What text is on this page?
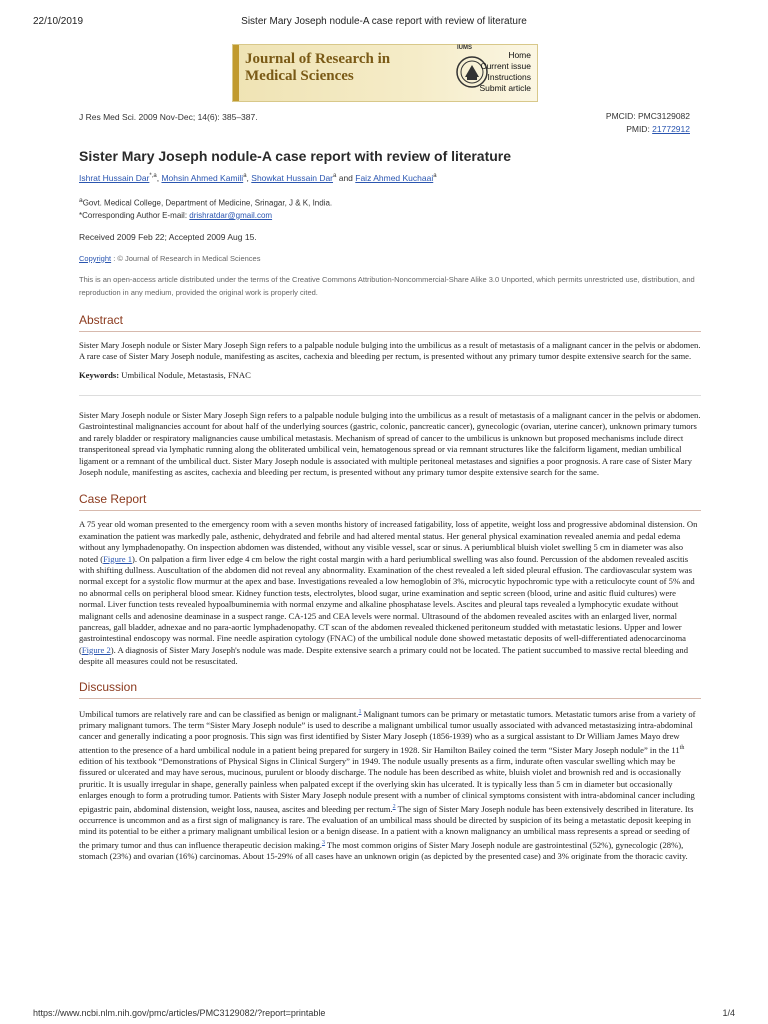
22/10/2019	Sister Mary Joseph nodule-A case report with review of literature
Journal of Research in
Medical Sciences
IUMS
Home
Current issue
Instructions
Submit article
J Res Med Sci. 2009 Nov-Dec; 14(6): 385–387.	PMCID: PMC3129082
PMID: 21772912
Sister Mary Joseph nodule-A case report with review of literature
Ishrat Hussain Dar$^{*,a}$, Mohsin Ahmed Kamili$^a$, Showkat Hussain Dar$^a$ and Faiz Ahmed Kuchaai$^a$
$^a$Govt. Medical College, Department of Medicine, Srinagar, J & K, India.
*Corresponding Author E-mail: drishratdar@gmail.com
Received 2009 Feb 22; Accepted 2009 Aug 15.
Copyright : © Journal of Research in Medical Sciences
This is an open-access article distributed under the terms of the Creative Commons Attribution-Noncommercial-Share Alike 3.0 Unported, which permits unrestricted use, distribution, and reproduction in any medium, provided the original work is properly cited.
Abstract

Sister Mary Joseph nodule or Sister Mary Joseph Sign refers to a palpable nodule bulging into the umbilicus as a result of metastasis of a malignant cancer in the pelvis or abdomen. A rare case of Sister Mary Joseph nodule, manifesting as ascites, cachexia and bleeding per rectum, is presented without any primary tumor despite extensive search for the same.

Keywords: Umbilical Nodule, Metastasis, FNAC

Sister Mary Joseph nodule or Sister Mary Joseph Sign refers to a palpable nodule bulging into the umbilicus as a result of metastasis of a malignant cancer in the pelvis or abdomen. Gastrointestinal malignancies account for about half of the underlying sources (gastric, colonic, pancreatic cancer), gynecologic (ovarian, uterine cancer), unknown primary tumors and rarely bladder or respiratory malignancies cause umbilical metastasis. Mechanism of spread of cancer to the umbilicus is unknown but proposed mechanisms include direct transperitoneal spread via lymphatic running along the obliterated umbilical vein, hematogenous spread or via remnant structures like the falciform ligament, median umbilical ligament or a remnant of the umbilical duct. Sister Mary Joseph nodule is associated with multiple peritoneal metastases and signifies a poor prognosis. A rare case of Sister Mary Joseph nodule, manifesting as ascites, cachexia and bleeding per rectum, is presented without any primary tumor despite extensive search for the same.

Case Report

A 75 year old woman presented to the emergency room with a seven months history of increased fatigability, loss of appetite, weight loss and progressive abdominal distension. On examination the patient was markedly pale, asthenic, dehydrated and febrile and had altered mental status. Her general physical examination revealed anemia and pedal edema without any lymphadenopathy. On inspection abdomen was distended, without any visible vessel, scar or sinus. A periumblical bluish violet swelling 5 cm in diameter was also noted (Figure 1). On palpation a firm liver edge 4 cm below the right costal margin with a hard periumblical swelling was also found. Percussion of the abdomen revealed ascitis with shifting dullness. Auscultation of the abdomen did not reveal any abnormality. Examination of the chest revealed a left sided pleural effusion. The cardiovascular system was normal except for a systolic flow murmur at the apex and base. Investigations revealed a low hemoglobin of 3%, microcytic hypochromic type with a reticulocyte count of 5% and no abnormal cells on peripheral blood smear. Kidney function tests, electrolytes, blood sugar, urine examination and septic screen (blood, urine and asitic fluid cultures) were normal. Liver function tests revealed hypoalbuminemia with normal enzyme and alkaline phosphatase levels. Ascites and pleural taps revealed a lymphocytic exudate without malignant cells and adenosine deaminase in a suspect range. CA-125 and CEA levels were normal. Ultrasound of the abdomen revealed ascites with an enlarged liver, normal pancreas, gall bladder, adnexae and no para-aortic lymphadenopathy. CT scan of the abdomen revealed thickened peritoneum studded with metastatic lesions. Upper and lower gastrointestinal endoscopy was normal. Fine needle aspiration cytology (FNAC) of the umbilical nodule done showed metastatic deposits of well-differentiated adenocarcinoma (Figure 2). A diagnosis of Sister Mary Joseph's nodule was made. Despite extensive search a primary could not be located. The patient succumbed to massive rectal bleeding and despite all measures could not be resuscitated.

Discussion

Umbilical tumors are relatively rare and can be classified as benign or malignant.$^1$ Malignant tumors can be primary or metastatic tumors. Metastatic tumors arise from a variety of primary malignant tumors. The term “Sister Mary Joseph nodule” is used to describe a malignant umbilical tumor usually associated with advanced metastasizing intra-abdominal cancer and generally indicating a poor prognosis. This sign was first identified by Sister Mary Joseph (1856-1939) who as a surgical assistant to Dr William James Mayo drew attention to the presence of a hard umbilical nodule in a patient being prepared for surgery in 1928. Sir Hamilton Bailey coined the term “Sister Mary Joseph nodule” in the 11th edition of his textbook “Demonstrations of Physical Signs in Clinical Surgery” in 1949. The nodule usually presents as a firm, indurate often vascular swelling which may be fissured or ulcerated and may have serous, mucinous, purulent or bloody discharge. The nodule has been described as white, bluish violet and brownish red and is occasionally pruritic. It is usually irregular in shape, generally painless when palpated except if the overlying skin has ulcerated. It is typically less than 5 cm in diameter but occasionally enlarges enough to form a protruding tumor. Patients with Sister Mary Joseph nodule present with a number of clinical symptoms consistent with intra-abdominal cancer including epigastric pain, abdominal distension, weight loss, nausea, ascites and bleeding per rectum.$^2$ The sign of Sister Mary Joseph nodule has been extensively described in literature. Its occurrence is uncommon and as a first sign of malignancy is rare. The evaluation of an umbilical mass should be directed by suspicion of its being a metastatic deposit keeping in mind its potential to be either a primary malignant umbilical lesion or a benign disease. In a patient with a known malignancy an umbilical mass represents a spread or seeding of the primary tumor and thus can influence therapeutic decision making.$^3$ The most common origins of Sister Mary Joseph nodule are gastrointestinal (52%), gynecologic (28%), stomach (23%) and ovarian (16%) carcinomas. About 15-29% of all cases have an unknown origin (as depicted by the presented case) and 3% originate from the thoracic cavity.

https://www.ncbi.nlm.nih.gov/pmc/articles/PMC3129082/?report=printable	1/4
